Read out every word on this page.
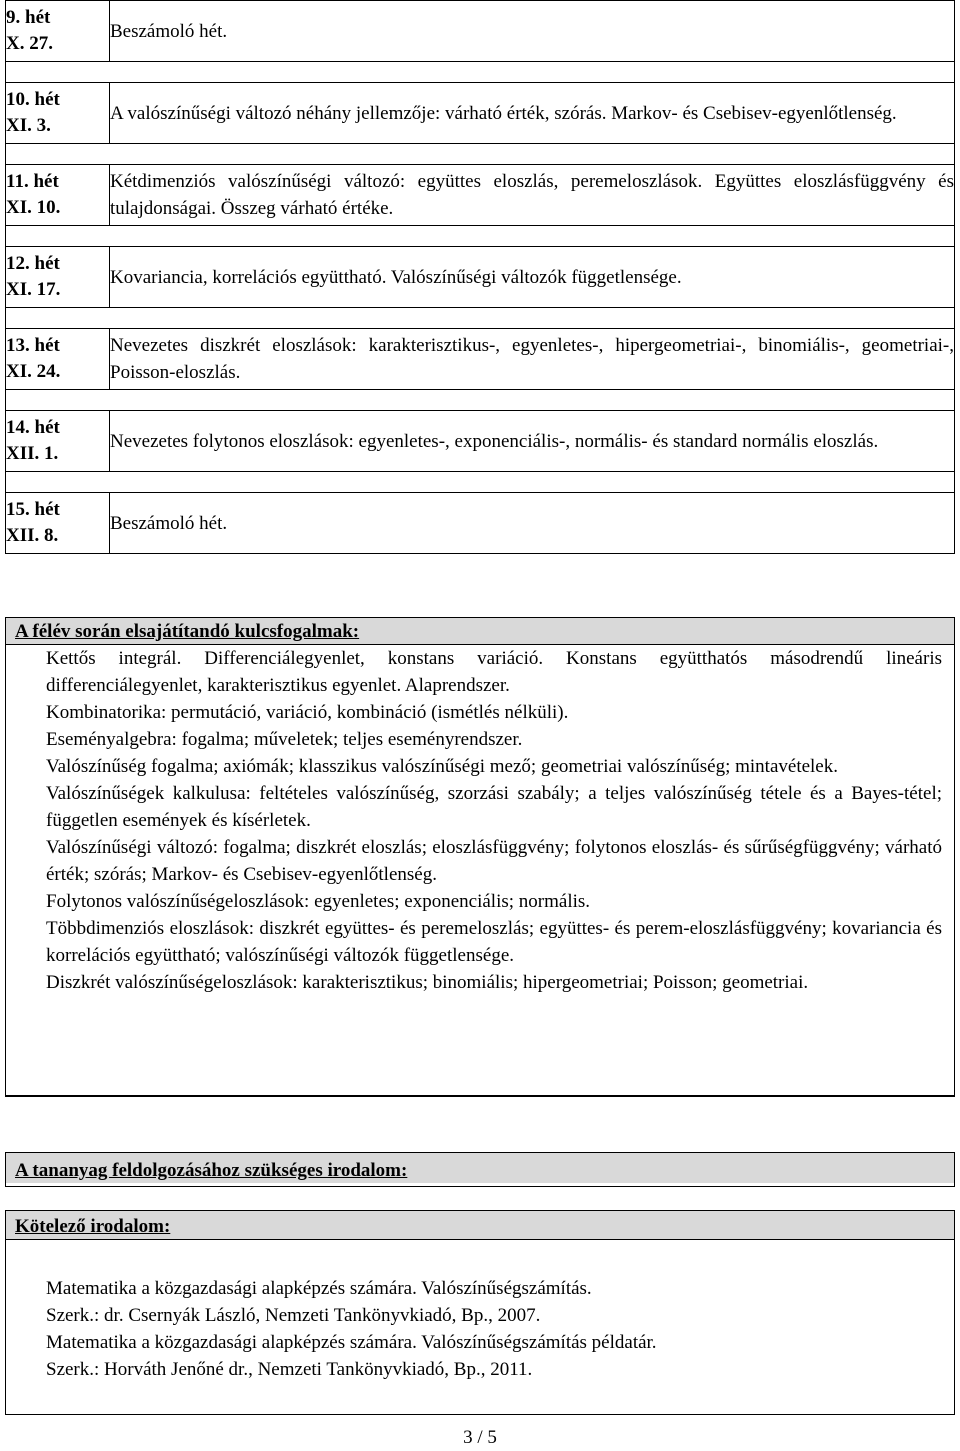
9. hét
X. 27.	Beszámoló hét.

10. hét
XI. 3.	A valószínűségi változó néhány jellemzője: várható érték, szórás. Markov- és Csebisev-egyenlőtlenség.

11. hét
XI. 10.	Kétdimenziós valószínűségi változó: együttes eloszlás, peremeloszlások. Együttes eloszlásfüggvény és tulajdonságai. Összeg várható értéke.

12. hét
XI. 17.	Kovariancia, korrelációs együttható. Valószínűségi változók függetlensége.

13. hét
XI. 24.	Nevezetes diszkrét eloszlások: karakterisztikus-, egyenletes-, hipergeometriai-, binomiális-, geometriai-, Poisson-eloszlás.

14. hét
XII. 1.	Nevezetes folytonos eloszlások: egyenletes-, exponenciális-, normális- és standard normális eloszlás.

15. hét
XII. 8.	Beszámoló hét.
A félév során elsajátítandó kulcsfogalmak:

Kettős integrál. Differenciálegyenlet, konstans variáció. Konstans együtthatós másodrendű lineáris differenciálegyenlet, karakterisztikus egyenlet. Alaprendszer.

Kombinatorika: permutáció, variáció, kombináció (ismétlés nélküli).

Eseményalgebra: fogalma; műveletek; teljes eseményrendszer.

Valószínűség fogalma; axiómák; klasszikus valószínűségi mező; geometriai valószínűség; mintavételek.

Valószínűségek kalkulusa: feltételes valószínűség, szorzási szabály; a teljes valószínűség tétele és a Bayes-tétel; független események és kísérletek.

Valószínűségi változó: fogalma; diszkrét eloszlás; eloszlásfüggvény; folytonos eloszlás- és sűrűségfüggvény; várható érték; szórás; Markov- és Csebisev-egyenlőtlenség.

Folytonos valószínűségeloszlások: egyenletes; exponenciális; normális.

Többdimenziós eloszlások: diszkrét együttes- és peremeloszlás; együttes- és perem-eloszlásfüggvény; kovariancia és korrelációs együttható; valószínűségi változók függetlensége.

Diszkrét valószínűségeloszlások: karakterisztikus; binomiális; hipergeometriai; Poisson; geometriai.

A tananyag feldolgozásához szükséges irodalom:
Kötelező irodalom:

Matematika a közgazdasági alapképzés számára. Valószínűségszámítás.

Szerk.: dr. Csernyák László, Nemzeti Tankönyvkiadó, Bp., 2007.

Matematika a közgazdasági alapképzés számára. Valószínűségszámítás példatár.

Szerk.: Horváth Jenőné dr., Nemzeti Tankönyvkiadó, Bp., 2011.

3 / 5
